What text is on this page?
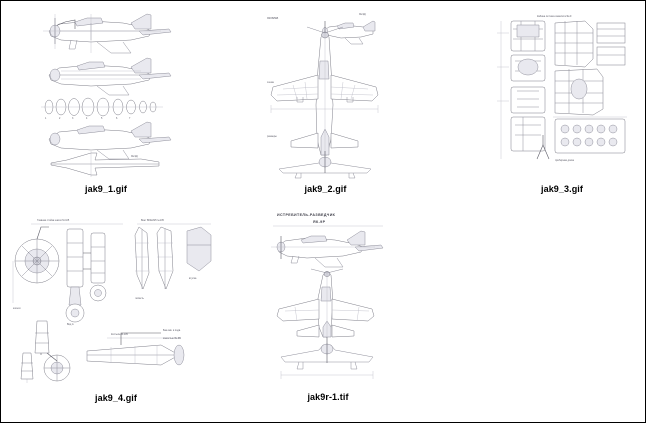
1	2	3	4	5	6	7
Як-9Д
jak9_1.gif
ЯКОВЛЕВ
Як-9Д
схема
размеры
jak9_2.gif
Кабина лётчика самолёта Як-9
приборная доска
jak9_3.gif
Главная стойка шасси М-105	Винт ВИШ-М5 №105
колесо
Вид А
лопасть
втулка
Костыль М-105
Бак ёмк. в подв.
ёмкостью Як-9Б
jak9_4.gif
ИСТРЕБИТЕЛЬ-РАЗВЕДЧИК
ЯК-9Р
jak9r-1.tif
